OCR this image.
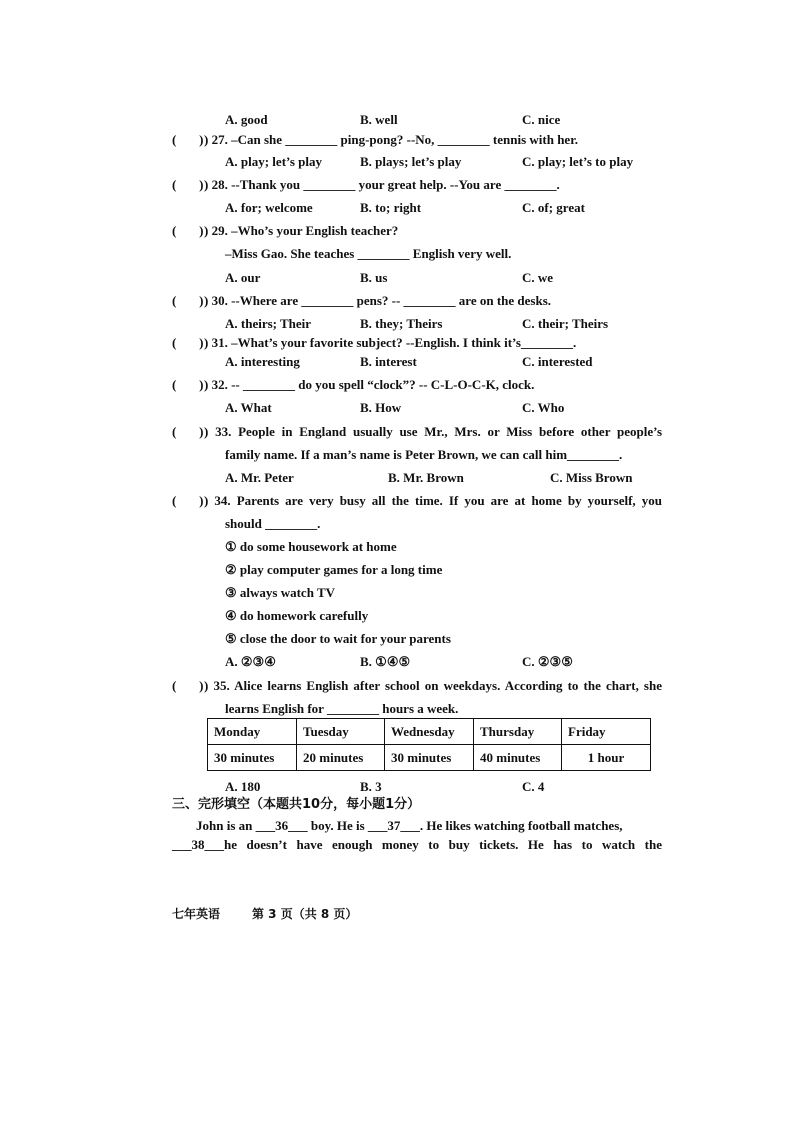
A. good	B. well	C. nice
(       ) ) 27. –Can she ________ ping-pong? --No, ________ tennis with her.
A. play; let’s play	B. plays; let’s play	C. play; let’s to play
(       ) ) 28. --Thank you ________ your great help. --You are ________.
A. for; welcome	B. to; right	C. of; great
(       ) ) 29. –Who’s your English teacher?
–Miss Gao. She teaches ________ English very well.
A. our	B. us	C. we
(       ) ) 30. --Where are ________ pens? -- ________ are on the desks.
A. theirs; Their	B. they; Theirs	C. their; Theirs
(       ) ) 31. –What’s your favorite subject? --English. I think it’s________.
A. interesting	B. interest	C. interested
(       ) ) 32. -- ________ do you spell “clock”? -- C-L-O-C-K, clock.
A. What	B. How	C. Who
(       ) ) 33. People in England usually use Mr., Mrs. or Miss before other people’s
family name. If a man’s name is Peter Brown, we can call him________.
A. Mr. Peter	B. Mr. Brown	C. Miss Brown
(       ) ) 34. Parents are very busy all the time. If you are at home by yourself, you
should ________.
① do some housework at home
② play computer games for a long time
③ always watch TV
④ do homework carefully
⑤ close the door to wait for your parents
A. ②③④	B. ①④⑤	C. ②③⑤
(       ) ) 35. Alice learns English after school on weekdays. According to the chart, she
learns English for ________ hours a week.
Monday	Tuesday	Wednesday	Thursday	Friday
30 minutes	20 minutes	30 minutes	40 minutes	1 hour
A. 180	B. 3	C. 4
三、完形填空（本题共10分，每小题1分）
John is an ___36___ boy. He is ___37___. He likes watching football matches,
___38___he doesn’t have enough money to buy tickets. He has to watch the
七年英语	第 3 页（共 8 页）
